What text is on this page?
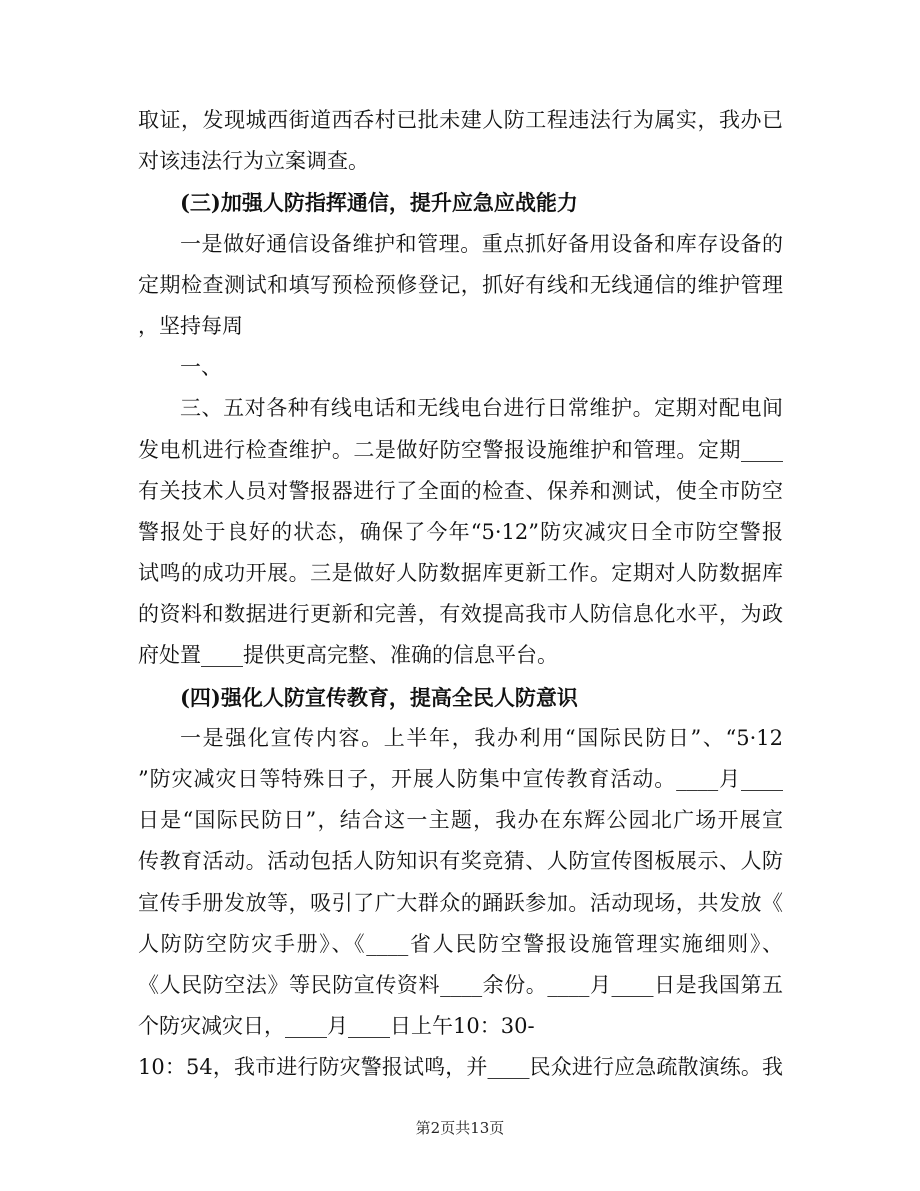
取证，发现城西街道西呑村已批未建人防工程违法行为属实，我办已
对该违法行为立案调查。
(三)加强人防指挥通信，提升应急应战能力
一是做好通信设备维护和管理。重点抓好备用设备和库存设备的
定期检查测试和填写预检预修登记，抓好有线和无线通信的维护管理
，坚持每周
一、
三、五对各种有线电话和无线电台进行日常维护。定期对配电间
发电机进行检查维护。二是做好防空警报设施维护和管理。定期____
有关技术人员对警报器进行了全面的检查、保养和测试，使全市防空
警报处于良好的状态，确保了今年“5·12”防灾减灾日全市防空警报
试鸣的成功开展。三是做好人防数据库更新工作。定期对人防数据库
的资料和数据进行更新和完善，有效提高我市人防信息化水平，为政
府处置____提供更高完整、准确的信息平台。
(四)强化人防宣传教育，提高全民人防意识
一是强化宣传内容。上半年，我办利用“国际民防日”、“5·12
”防灾减灾日等特殊日子，开展人防集中宣传教育活动。____月____
日是“国际民防日”，结合这一主题，我办在东辉公园北广场开展宣
传教育活动。活动包括人防知识有奖竞猜、人防宣传图板展示、人防
宣传手册发放等，吸引了广大群众的踊跃参加。活动现场，共发放《
人防防空防灾手册》、《____省人民防空警报设施管理实施细则》、
《人民防空法》等民防宣传资料____余份。____月____日是我国第五
个防灾减灾日，____月____日上午10：30-
10：54，我市进行防灾警报试鸣，并____民众进行应急疏散演练。我
第2页共13页
